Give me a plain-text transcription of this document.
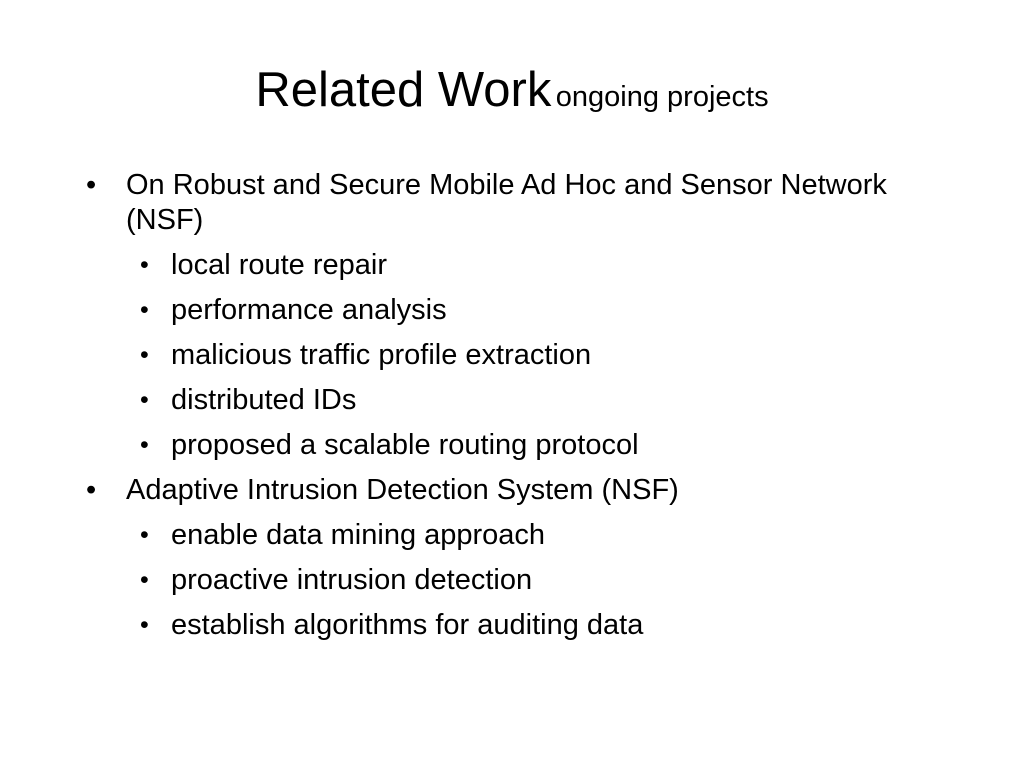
Related Work ongoing projects
• On Robust and Secure Mobile Ad Hoc and Sensor Network (NSF)
• local route repair
• performance analysis
• malicious traffic profile extraction
• distributed IDs
• proposed a scalable routing protocol
• Adaptive Intrusion Detection System (NSF)
• enable data mining approach
• proactive intrusion detection
• establish algorithms for auditing data
